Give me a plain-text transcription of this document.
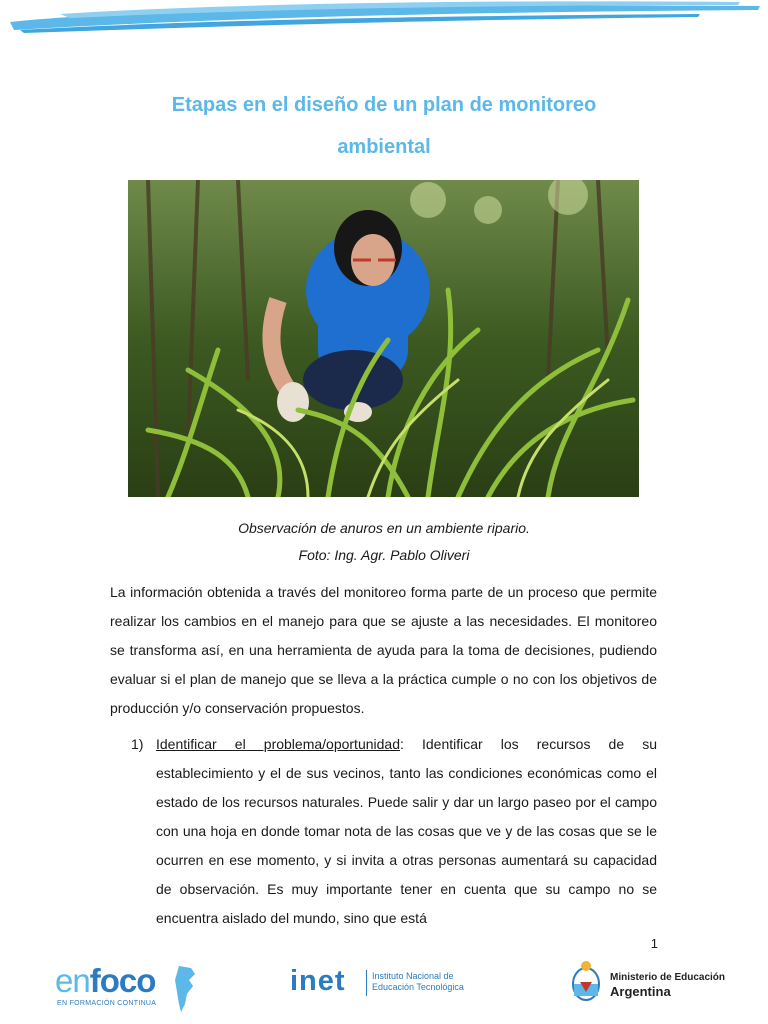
Etapas en el diseño de un plan de monitoreo
ambiental
Observación de anuros en un ambiente ripario.
Foto: Ing. Agr. Pablo Oliveri

La información obtenida a través del monitoreo forma parte de un proceso que permite realizar los cambios en el manejo para que se ajuste a las necesidades. El monitoreo se transforma así, en una herramienta de ayuda para la toma de decisiones, pudiendo evaluar si el plan de manejo que se lleva a la práctica cumple o no con los objetivos de producción y/o conservación propuestos.

1) Identificar el problema/oportunidad: Identificar los recursos de su establecimiento y el de sus vecinos, tanto las condiciones económicas como el estado de los recursos naturales. Puede salir y dar un largo paseo por el campo con una hoja en donde tomar nota de las cosas que ve y de las cosas que se le ocurren en ese momento, y si invita a otras personas aumentará su capacidad de observación. Es muy importante tener en cuenta que su campo no se encuentra aislado del mundo, sino que está
1
enfoco
EN FORMACIÓN CONTINUA
inet	Instituto Nacional de
Educación Tecnológica
Ministerio de Educación
Argentina
